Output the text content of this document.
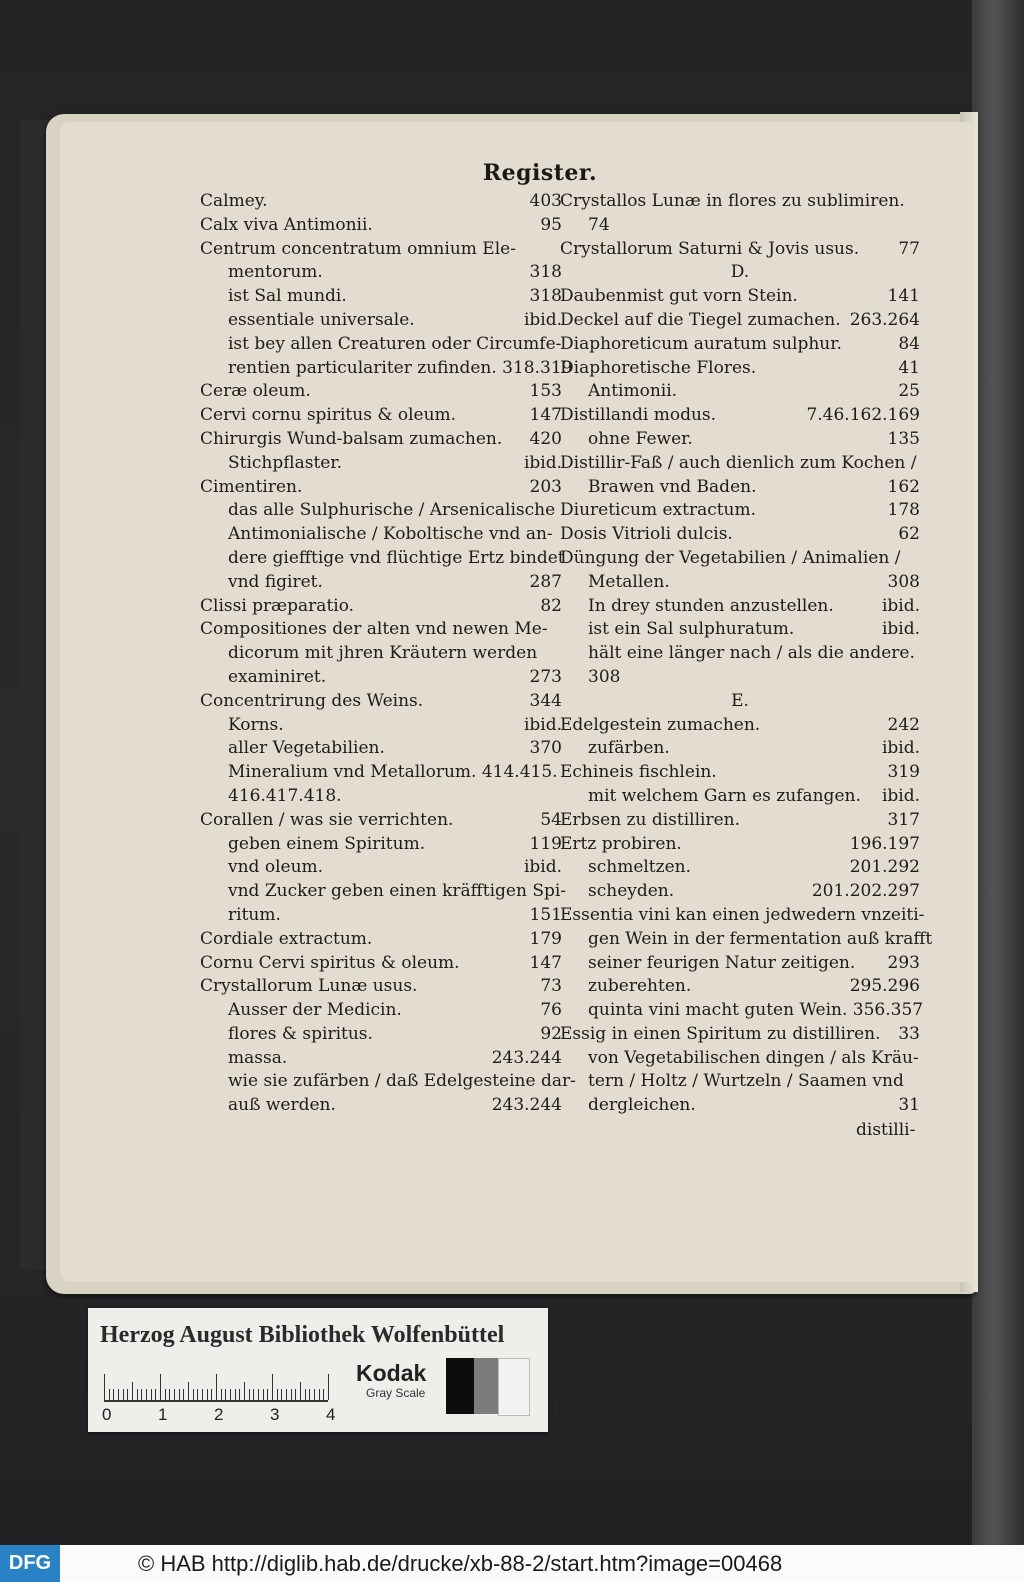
Register.
Calmey.	403
Calx viva Antimonii.	95
Centrum concentratum omnium Ele-
mentorum.	318
ist Sal mundi.	318
essentiale universale.	ibid.
ist bey allen Creaturen oder Circumfe-
rentien particulariter zufinden. 318.319
Ceræ oleum.	153
Cervi cornu spiritus & oleum.	147
Chirurgis Wund-balsam zumachen. 420
Stichpflaster.	ibid.
Cimentiren.	203
das alle Sulphurische / Arsenicalische
Antimonialische / Koboltische vnd an-
dere giefftige vnd flüchtige Ertz bindet
vnd figiret.	287
Clissi præparatio.	82
Compositiones der alten vnd newen Me-
dicorum mit jhren Kräutern werden
examiniret.	273
Concentrirung des Weins.	344
Korns.	ibid.
aller Vegetabilien.	370
Mineralium vnd Metallorum. 414.415.
416.417.418.
Corallen / was sie verrichten.	54
geben einem Spiritum.	119
vnd oleum.	ibid.
vnd Zucker geben einen kräfftigen Spi-
ritum.	151
Cordiale extractum.	179
Cornu Cervi spiritus & oleum.	147
Crystallorum Lunæ usus.	73
Ausser der Medicin.	76
flores & spiritus.	92
massa.	243.244
wie sie zufärben / daß Edelgesteine dar-
auß werden.	243.244
Crystallos Lunæ in flores zu sublimiren.
74
Crystallorum Saturni & Jovis usus. 77
D.
Daubenmist gut vorn Stein.	141
Deckel auf die Tiegel zumachen. 263.264
Diaphoreticum auratum sulphur.	84
Diaphoretische Flores.	41
Antimonii.	25
Distillandi modus.	7.46.162.169
ohne Fewer.	135
Distillir-Faß / auch dienlich zum Kochen /
Brawen vnd Baden.	162
Diureticum extractum.	178
Dosis Vitrioli dulcis.	62
Düngung der Vegetabilien / Animalien /
Metallen.	308
In drey stunden anzustellen.	ibid.
ist ein Sal sulphuratum.	ibid.
hält eine länger nach / als die andere.
308
E.
Edelgestein zumachen.	242
zufärben.	ibid.
Echineis fischlein.	319
mit welchem Garn es zufangen. ibid.
Erbsen zu distilliren.	317
Ertz probiren.	196.197
schmeltzen.	201.292
scheyden.	201.202.297
Essentia vini kan einen jedwedern vnzeiti-
gen Wein in der fermentation auß krafft
seiner feurigen Natur zeitigen. 293
zuberehten.	295.296
quinta vini macht guten Wein. 356.357
Essig in einen Spiritum zu distilliren. 33
von Vegetabilischen dingen / als Kräu-
tern / Holtz / Wurtzeln / Saamen vnd
dergleichen.	31
distilli-
Herzog August Bibliothek Wolfenbüttel
0	1	2	3	4
Kodak
Gray Scale
DFG	© HAB http://diglib.hab.de/drucke/xb-88-2/start.htm?image=00468
